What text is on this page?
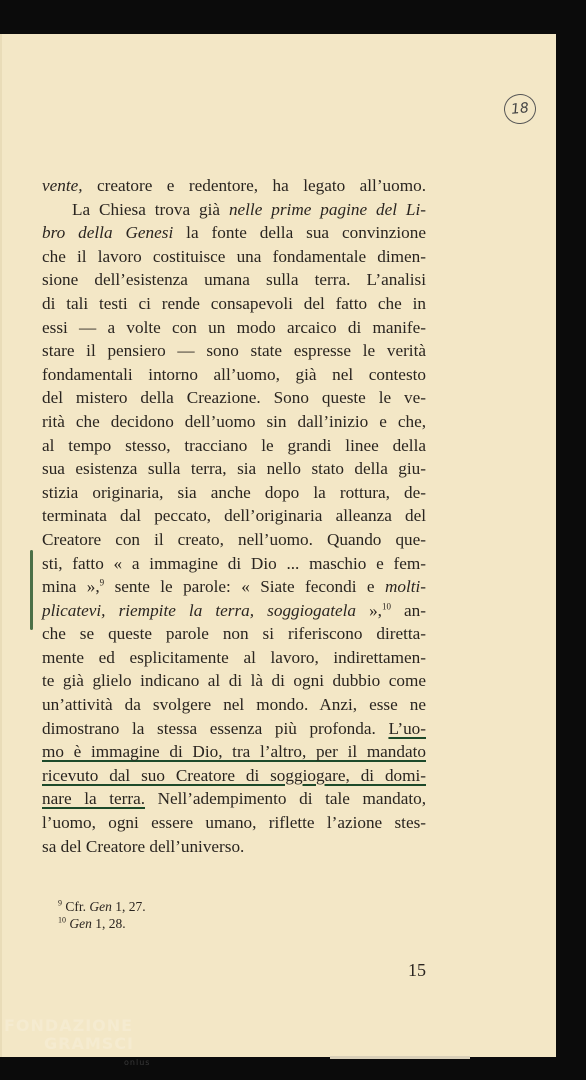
18
vente, creatore e redentore, ha legato all’uomo.
La Chiesa trova già nelle prime pagine del Li-
bro della Genesi la fonte della sua convinzione
che il lavoro costituisce una fondamentale dimen-
sione dell’esistenza umana sulla terra. L’analisi
di tali testi ci rende consapevoli del fatto che in
essi — a volte con un modo arcaico di manife-
stare il pensiero — sono state espresse le verità
fondamentali intorno all’uomo, già nel contesto
del mistero della Creazione. Sono queste le ve-
rità che decidono dell’uomo sin dall’inizio e che,
al tempo stesso, tracciano le grandi linee della
sua esistenza sulla terra, sia nello stato della giu-
stizia originaria, sia anche dopo la rottura, de-
terminata dal peccato, dell’originaria alleanza del
Creatore con il creato, nell’uomo. Quando que-
sti, fatto « a immagine di Dio ... maschio e fem-
mina »,$^9$ sente le parole: « Siate fecondi e molti-
plicatevi, riempite la terra, soggiogatela »,$^{10}$ an-
che se queste parole non si riferiscono diretta-
mente ed esplicitamente al lavoro, indirettamen-
te già glielo indicano al di là di ogni dubbio come
un’attività da svolgere nel mondo. Anzi, esse ne
dimostrano la stessa essenza più profonda. L’uo-
mo è immagine di Dio, tra l’altro, per il mandato
ricevuto dal suo Creatore di soggiogare, di domi-
nare la terra. Nell’adempimento di tale mandato,
l’uomo, ogni essere umano, riflette l’azione stes-
sa del Creatore dell’universo.
$^9$ Cfr. Gen 1, 27.
$^{10}$ Gen 1, 28.
15
FONDAZIONE
GRAMSCI
onlus
